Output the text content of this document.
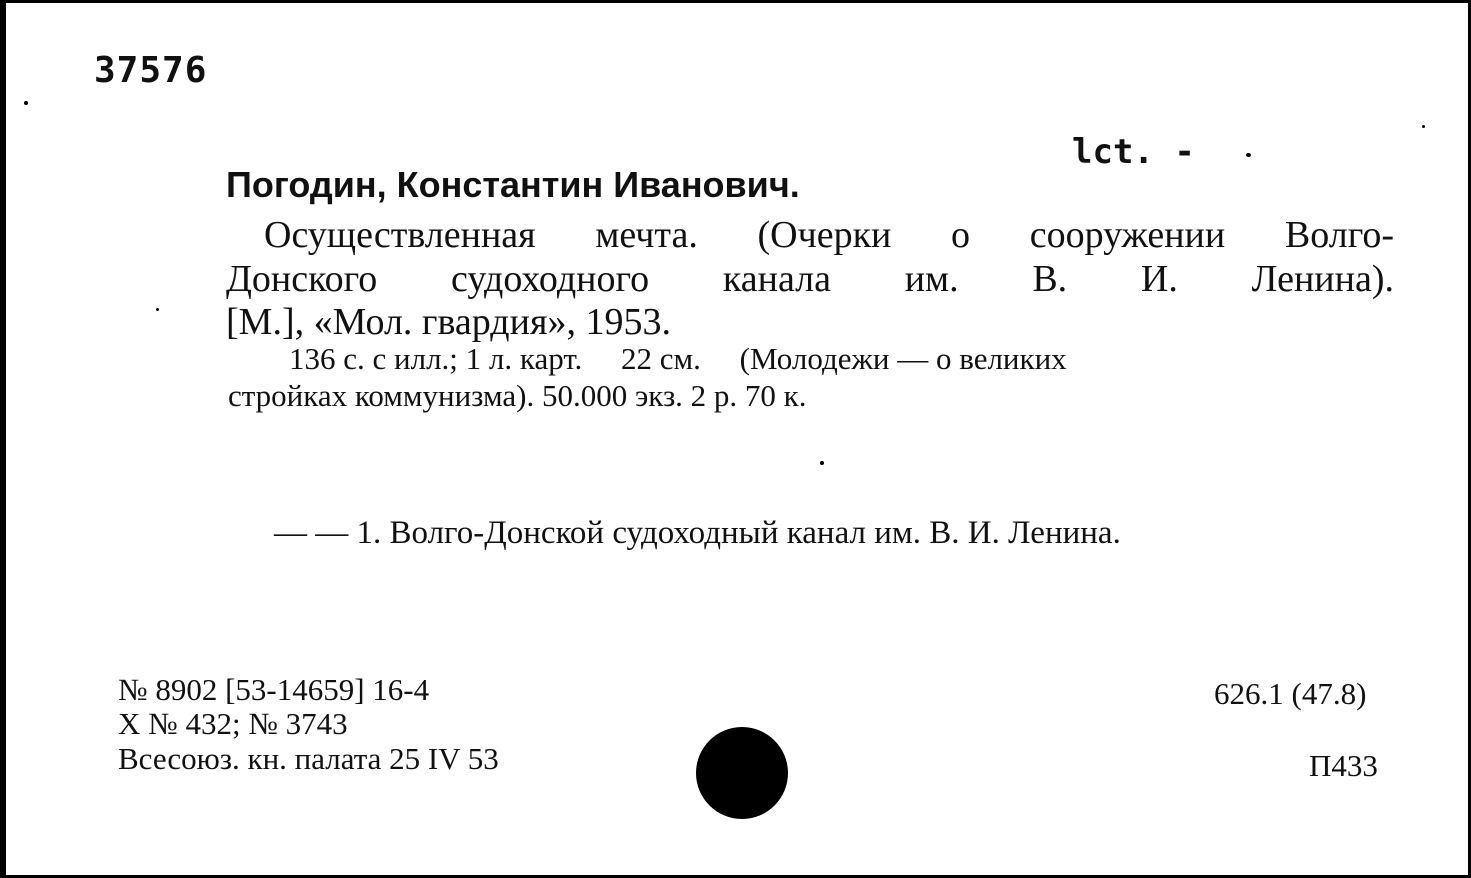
37576
lct. -
Погодин, Константин Иванович.
Осуществленная мечта. (Очерки о сооружении Волго-
Донского судоходного канала им. В. И. Ленина).
[М.], «Мол. гвардия», 1953.
136 с. с илл.; 1 л. карт.     22 см.     (Молодежи — о великих
стройках коммунизма). 50.000 экз. 2 р. 70 к.
— — 1. Волго-Донской судоходный канал им. В. И. Ленина.
№ 8902 [53-14659] 16-4
X № 432; № 3743
Всесоюз. кн. палата 25 IV 53
626.1 (47.8)
П433
